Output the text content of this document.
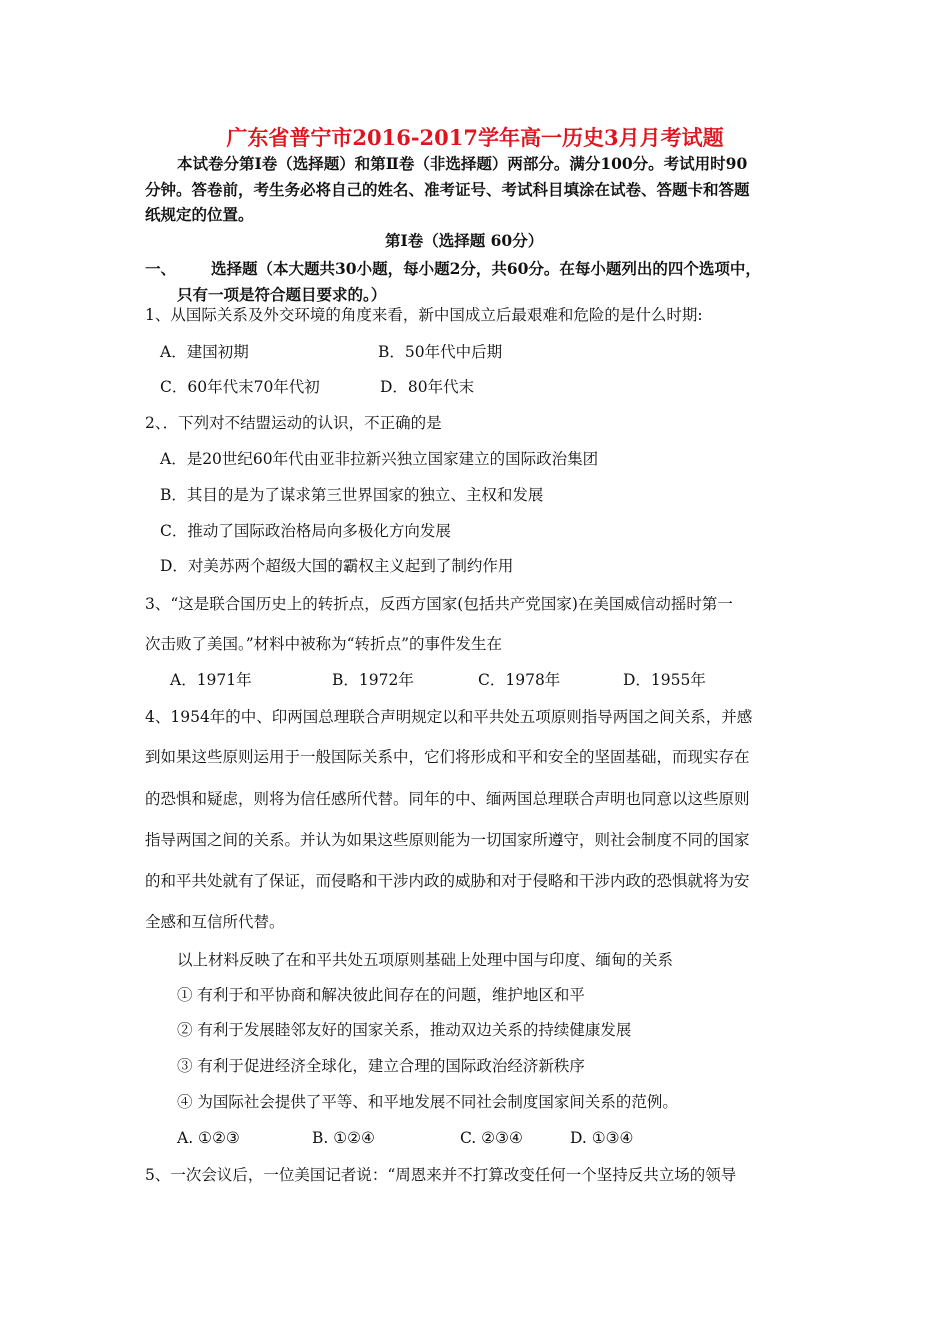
广东省普宁市2016-2017学年高一历史3月月考试题
本试卷分第Ⅰ卷（选择题）和第Ⅱ卷（非选择题）两部分。满分100分。考试用时90
分钟。答卷前，考生务必将自己的姓名、准考证号、考试科目填涂在试卷、答题卡和答题
纸规定的位置。
第Ⅰ卷（选择题 60分）
一、 选择题（本大题共30小题，每小题2分，共60分。在每小题列出的四个选项中，
只有一项是符合题目要求的。）
1、从国际关系及外交环境的角度来看，新中国成立后最艰难和危险的是什么时期:
A．建国初期	B．50年代中后期
C．60年代末70年代初	D．80年代末
2、．下列对不结盟运动的认识，不正确的是
A．是20世纪60年代由亚非拉新兴独立国家建立的国际政治集团
B．其目的是为了谋求第三世界国家的独立、主权和发展
C．推动了国际政治格局向多极化方向发展
D．对美苏两个超级大国的霸权主义起到了制约作用
3、“这是联合国历史上的转折点，反西方国家(包括共产党国家)在美国威信动摇时第一
次击败了美国。”材料中被称为“转折点”的事件发生在
A．1971年	B．1972年	C．1978年	D．1955年
4、1954年的中、印两国总理联合声明规定以和平共处五项原则指导两国之间关系，并感
到如果这些原则运用于一般国际关系中，它们将形成和平和安全的坚固基础，而现实存在
的恐惧和疑虑，则将为信任感所代替。同年的中、缅两国总理联合声明也同意以这些原则
指导两国之间的关系。并认为如果这些原则能为一切国家所遵守，则社会制度不同的国家
的和平共处就有了保证，而侵略和干涉内政的威胁和对于侵略和干涉内政的恐惧就将为安
全感和互信所代替。
以上材料反映了在和平共处五项原则基础上处理中国与印度、缅甸的关系
① 有利于和平协商和解决彼此间存在的问题，维护地区和平
② 有利于发展睦邻友好的国家关系，推动双边关系的持续健康发展
③ 有利于促进经济全球化，建立合理的国际政治经济新秩序
④ 为国际社会提供了平等、和平地发展不同社会制度国家间关系的范例。
A. ①②③	B. ①②④	C. ②③④	D. ①③④
5、一次会议后，一位美国记者说：“周恩来并不打算改变任何一个坚持反共立场的领导
